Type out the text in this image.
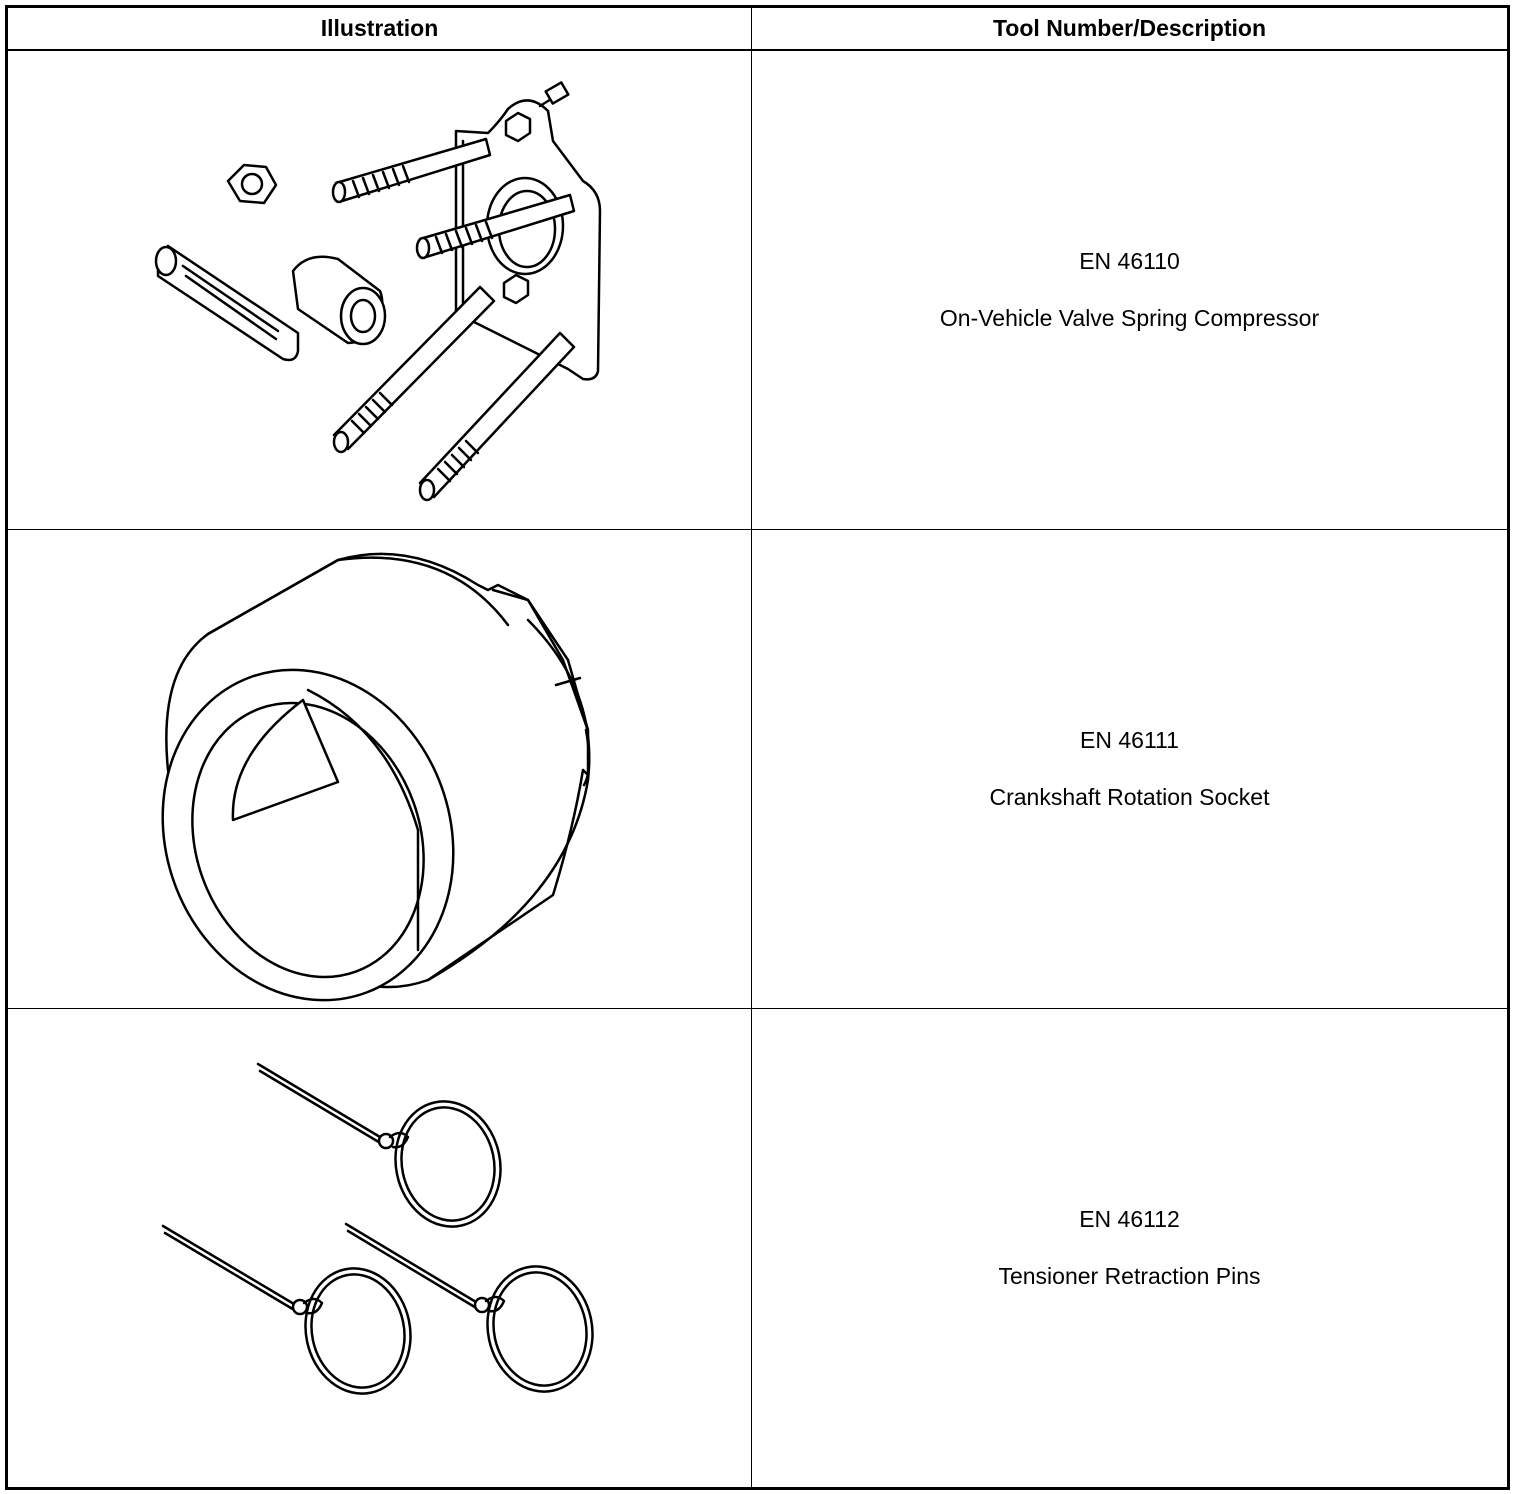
Illustration	Tool Number/Description

EN 46110
On-Vehicle Valve Spring Compressor

EN 46111
Crankshaft Rotation Socket

EN 46112
Tensioner Retraction Pins
